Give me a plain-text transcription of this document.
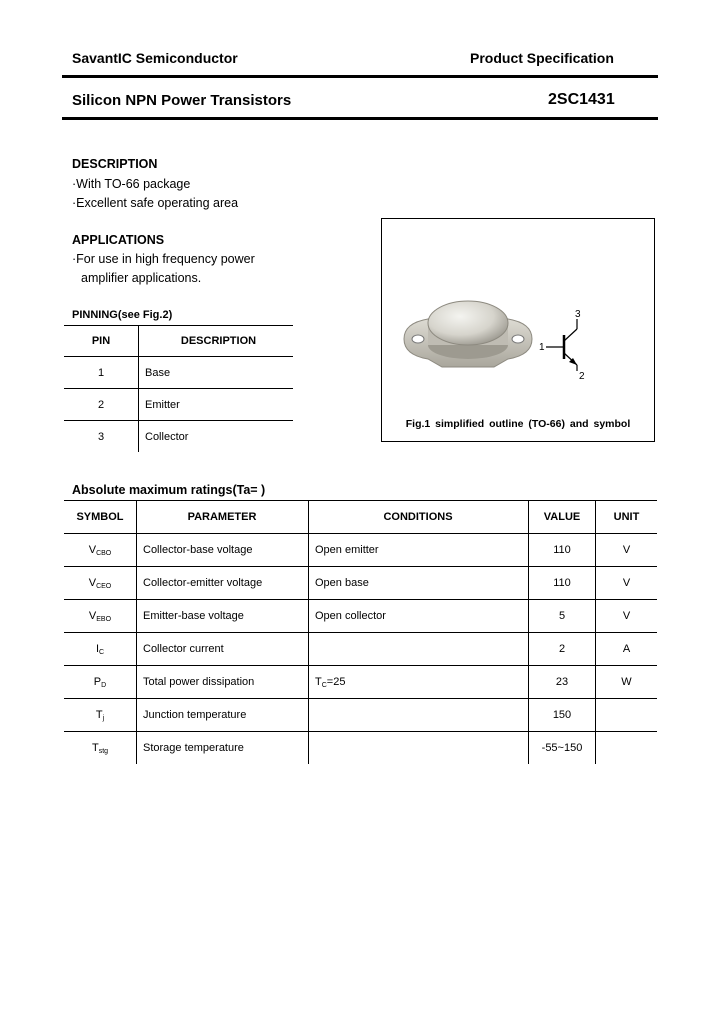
SavantIC Semiconductor	Product Specification
Silicon NPN Power Transistors	2SC1431
DESCRIPTION
·With TO-66 package
·Excellent safe operating area
APPLICATIONS
·For use in high frequency power
amplifier applications.
PINNING(see Fig.2)
PIN	DESCRIPTION
1	Base
2	Emitter
3	Collector
1
2
3
Fig.1 simplified outline (TO-66) and symbol
Absolute maximum ratings(Ta= )
SYMBOL	PARAMETER	CONDITIONS	VALUE	UNIT
$V_{CBO}$	Collector-base voltage	Open emitter	110	V
$V_{CEO}$	Collector-emitter voltage	Open base	110	V
$V_{EBO}$	Emitter-base voltage	Open collector	5	V
$I_C$	Collector current		2	A
$P_D$	Total power dissipation	$T_C=25$	23	W
$T_j$	Junction temperature		150	 
$T_{stg}$	Storage temperature		-55~150	 
